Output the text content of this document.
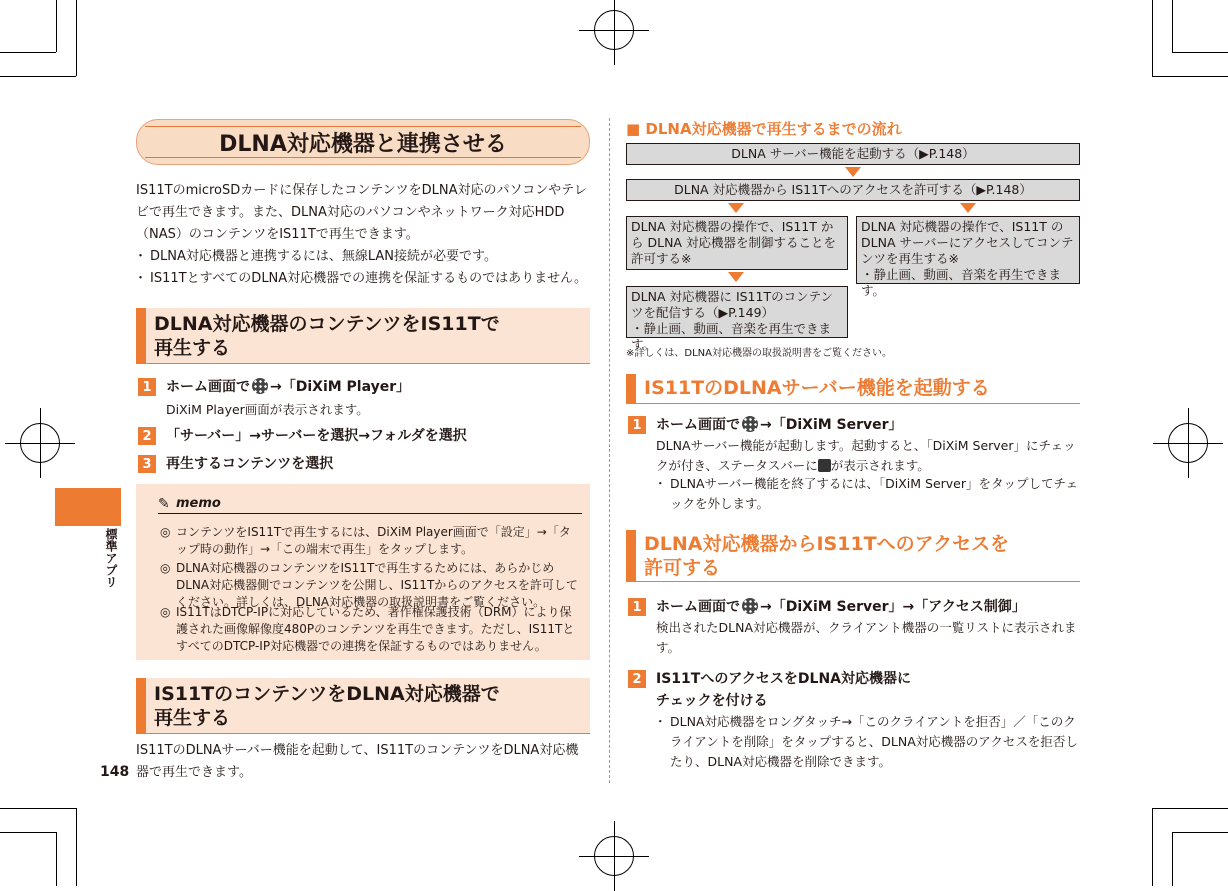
標準アプリ
DLNA対応機器と連携させる
IS11TのmicroSDカードに保存したコンテンツをDLNA対応のパソコンやテレビで再生できます。また、DLNA対応のパソコンやネットワーク対応HDD（NAS）のコンテンツをIS11Tで再生できます。
・ DLNA対応機器と連携するには、無線LAN接続が必要です。
・ IS11TとすべてのDLNA対応機器での連携を保証するものではありません。
DLNA対応機器のコンテンツをIS11Tで
再生する
1	ホーム画面で →「DiXiM Player」
DiXiM Player画面が表示されます。
2	「サーバー」→サーバーを選択→フォルダを選択
3	再生するコンテンツを選択
✎ memo
◎ コンテンツをIS11Tで再生するには、DiXiM Player画面で「設定」→「タップ時の動作」→「この端末で再生」をタップします。
◎ DLNA対応機器のコンテンツをIS11Tで再生するためには、あらかじめDLNA対応機器側でコンテンツを公開し、IS11Tからのアクセスを許可してください。詳しくは、DLNA対応機器の取扱説明書をご覧ください。
◎ IS11TはDTCP-IPに対応しているため、著作権保護技術（DRM）により保護された画像解像度480Pのコンテンツを再生できます。ただし、IS11TとすべてのDTCP-IP対応機器での連携を保証するものではありません。
IS11TのコンテンツをDLNA対応機器で
再生する
IS11TのDLNAサーバー機能を起動して、IS11TのコンテンツをDLNA対応機器で再生できます。
148
■ DLNA対応機器で再生するまでの流れ
DLNA サーバー機能を起動する（▶P.148）
DLNA 対応機器から IS11Tへのアクセスを許可する（▶P.148）
DLNA 対応機器の操作で、IS11T から DLNA 対応機器を制御することを許可する※
DLNA 対応機器の操作で、IS11T の DLNA サーバーにアクセスしてコンテンツを再生する※
・静止画、動画、音楽を再生できます。
DLNA 対応機器に IS11Tのコンテンツを配信する（▶P.149）
・静止画、動画、音楽を再生できます。
※詳しくは、DLNA対応機器の取扱説明書をご覧ください。
IS11TのDLNAサーバー機能を起動する
1	ホーム画面で →「DiXiM Server」
DLNAサーバー機能が起動します。起動すると、「DiXiM Server」にチェックが付き、ステータスバーに が表示されます。
・ DLNAサーバー機能を終了するには、「DiXiM Server」をタップしてチェックを外します。
DLNA対応機器からIS11Tへのアクセスを
許可する
1	ホーム画面で →「DiXiM Server」→「アクセス制御」
検出されたDLNA対応機器が、クライアント機器の一覧リストに表示されます。
2	IS11TへのアクセスをDLNA対応機器に
チェックを付ける
・ DLNA対応機器をロングタッチ→「このクライアントを拒否」／「このクライアントを削除」をタップすると、DLNA対応機器のアクセスを拒否したり、DLNA対応機器を削除できます。
